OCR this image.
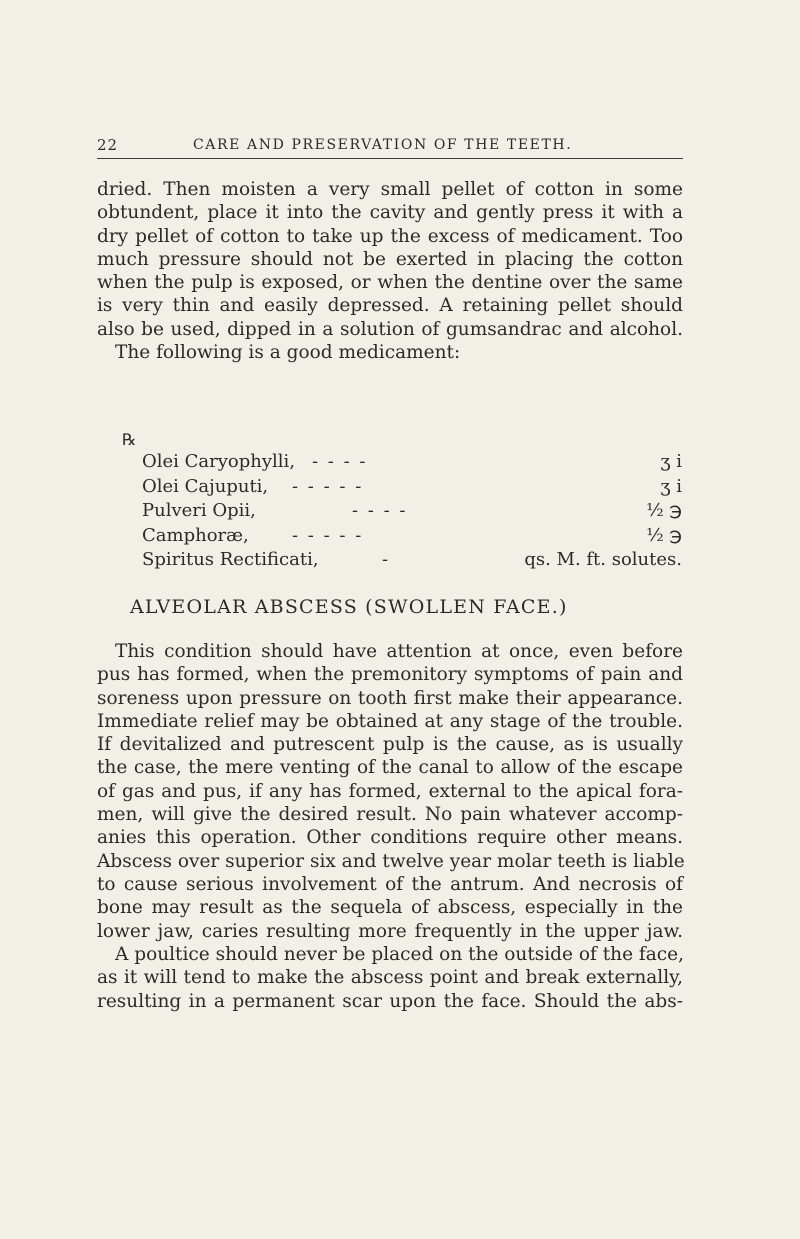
22	CARE AND PRESERVATION OF THE TEETH.
dried. Then moisten a very small pellet of cotton in some
obtundent, place it into the cavity and gently press it with a
dry pellet of cotton to take up the excess of medicament. Too
much pressure should not be exerted in placing the cotton
when the pulp is exposed, or when the dentine over the same
is very thin and easily depressed. A retaining pellet should
also be used, dipped in a solution of gumsandrac and alcohol.
The following is a good medicament:
℞
Olei Caryophylli, - - - -	ʒ i
Olei Cajuputi, - - - - -	ʒ i
Pulveri Opii,	- - - -	½ ℈
Camphoræ, - - - - -	½ ℈
Spiritus Rectificati,	-	qs. M. ft. solutes.
ALVEOLAR ABSCESS (SWOLLEN FACE.)
This condition should have attention at once, even before
pus has formed, when the premonitory symptoms of pain and
soreness upon pressure on tooth first make their appearance.
Immediate relief may be obtained at any stage of the trouble.
If devitalized and putrescent pulp is the cause, as is usually
the case, the mere venting of the canal to allow of the escape
of gas and pus, if any has formed, external to the apical fora-
men, will give the desired result. No pain whatever accomp-
anies this operation. Other conditions require other means.
Abscess over superior six and twelve year molar teeth is liable
to cause serious involvement of the antrum. And necrosis of
bone may result as the sequela of abscess, especially in the
lower jaw, caries resulting more frequently in the upper jaw.
A poultice should never be placed on the outside of the face,
as it will tend to make the abscess point and break externally,
resulting in a permanent scar upon the face. Should the abs-
